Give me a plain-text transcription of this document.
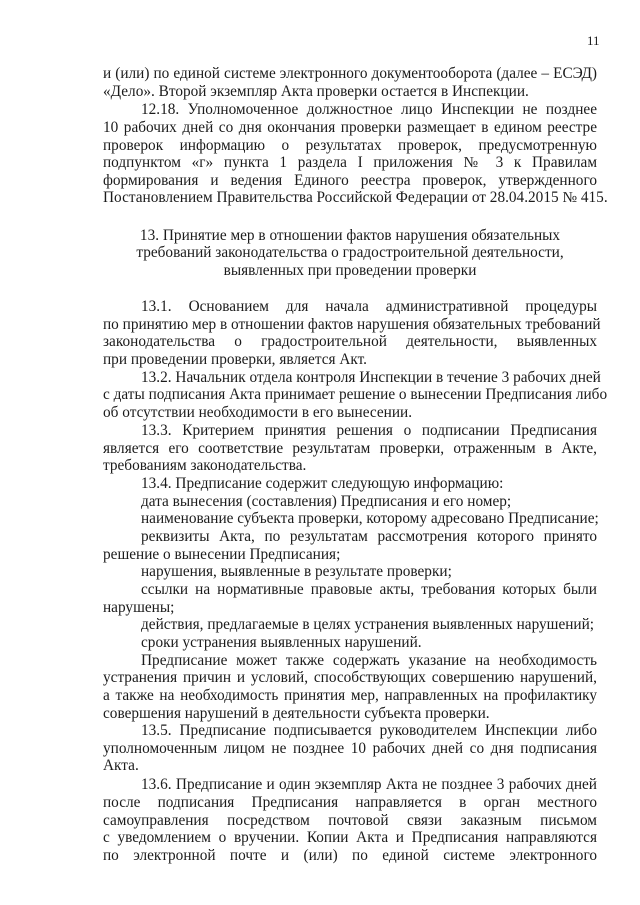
11
и (или) по единой системе электронного документооборота (далее – ЕСЭД)
«Дело». Второй экземпляр Акта проверки остается в Инспекции.
12.18. Уполномоченное должностное лицо Инспекции не позднее
10 рабочих дней со дня окончания проверки размещает в едином реестре
проверок информацию о результатах проверок, предусмотренную
подпунктом «г» пункта 1 раздела I приложения № 3 к Правилам
формирования и ведения Единого реестра проверок, утвержденного
Постановлением Правительства Российской Федерации от 28.04.2015 № 415.
13. Принятие мер в отношении фактов нарушения обязательных
требований законодательства о градостроительной деятельности,
выявленных при проведении проверки
13.1. Основанием для начала административной процедуры
по принятию мер в отношении фактов нарушения обязательных требований
законодательства о градостроительной деятельности, выявленных
при проведении проверки, является Акт.
13.2. Начальник отдела контроля Инспекции в течение 3 рабочих дней
с даты подписания Акта принимает решение о вынесении Предписания либо
об отсутствии необходимости в его вынесении.
13.3. Критерием принятия решения о подписании Предписания
является его соответствие результатам проверки, отраженным в Акте,
требованиям законодательства.
13.4. Предписание содержит следующую информацию:
дата вынесения (составления) Предписания и его номер;
наименование субъекта проверки, которому адресовано Предписание;
реквизиты Акта, по результатам рассмотрения которого принято
решение о вынесении Предписания;
нарушения, выявленные в результате проверки;
ссылки на нормативные правовые акты, требования которых были
нарушены;
действия, предлагаемые в целях устранения выявленных нарушений;
сроки устранения выявленных нарушений.
Предписание может также содержать указание на необходимость
устранения причин и условий, способствующих совершению нарушений,
а также на необходимость принятия мер, направленных на профилактику
совершения нарушений в деятельности субъекта проверки.
13.5. Предписание подписывается руководителем Инспекции либо
уполномоченным лицом не позднее 10 рабочих дней со дня подписания
Акта.
13.6. Предписание и один экземпляр Акта не позднее 3 рабочих дней
после подписания Предписания направляется в орган местного
самоуправления посредством почтовой связи заказным письмом
с уведомлением о вручении. Копии Акта и Предписания направляются
по электронной почте и (или) по единой системе электронного
